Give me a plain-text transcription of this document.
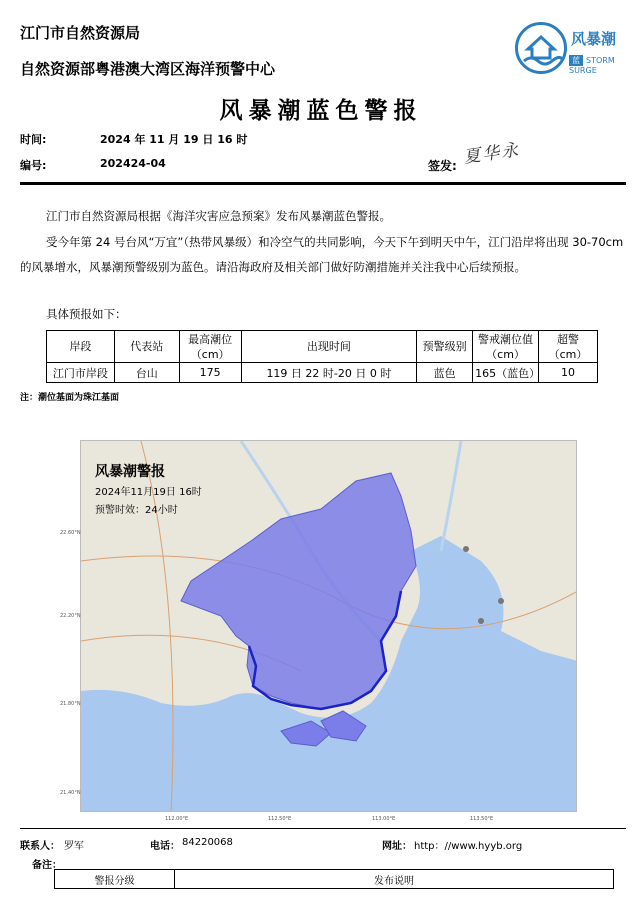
江门市自然资源局
自然资源部粤港澳大湾区海洋预警中心
风暴潮
蓝 STORM SURGE
风暴潮蓝色警报
时间:	2024 年 11 月 19 日 16 时
编号:	202424-04	签发: 夏华永
江门市自然资源局根据《海洋灾害应急预案》发布风暴潮蓝色警报。
受今年第 24 号台风“万宜”（热带风暴级）和冷空气的共同影响，今天下午到明天中午，江门沿岸将出现 30-70cm 的风暴增水，风暴潮预警级别为蓝色。请沿海政府及相关部门做好防潮措施并关注我中心后续预报。
具体预报如下：
岸段	代表站	最高潮位（cm）	出现时间	预警级别	警戒潮位值（cm）	超警（cm）
江门市岸段	台山	175	119 日 22 时-20 日 0 时	蓝色	165（蓝色）	10
注：潮位基面为珠江基面
风暴潮警报
2024年11月19日 16时
预警时效：24小时
22.60°N
22.20°N
21.80°N
21.40°N
112.00°E	112.50°E	113.00°E	113.50°E
联系人： 罗军	电话： 84220068	网址： http：//www.hyyb.org
备注：
警报分级	发布说明
